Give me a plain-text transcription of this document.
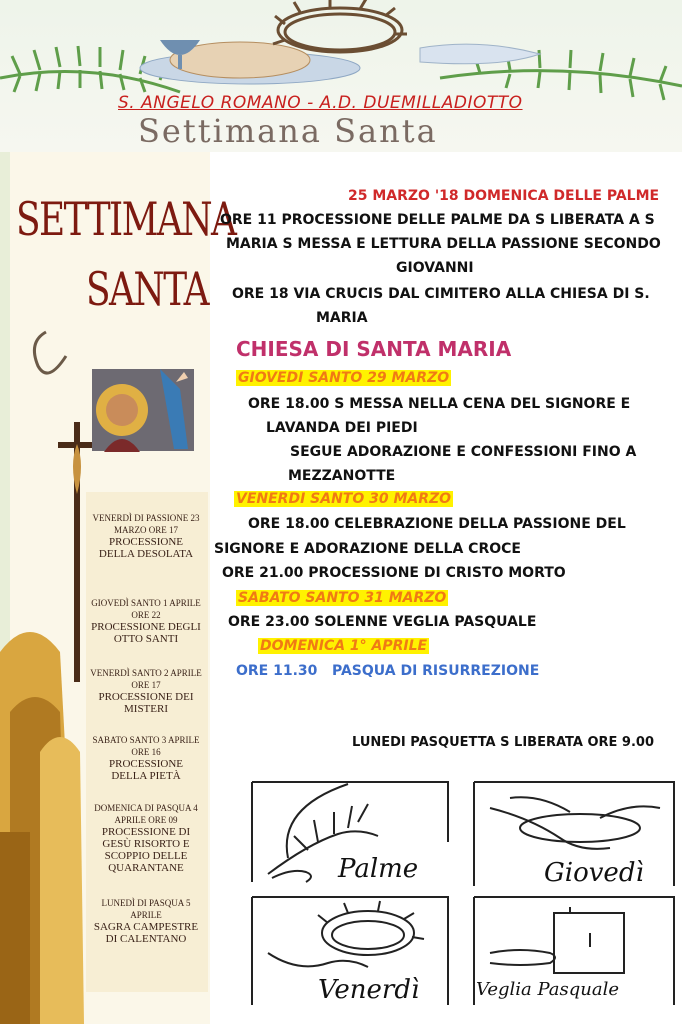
S. ANGELO ROMANO - A.D. DUEMILLADIOTTO
Settimana Santa
SETTIMANA
SANTA
VENERDÌ DI PASSIONE 23 MARZO ORE 17
PROCESSIONE DELLA DESOLATA
GIOVEDÌ SANTO 1 APRILE ORE 22
PROCESSIONE DEGLI OTTO SANTI
VENERDÌ SANTO 2 APRILE ORE 17
PROCESSIONE DEI MISTERI
SABATO SANTO 3 APRILE ORE 16
PROCESSIONE DELLA PIETÀ
DOMENICA DI PASQUA 4 APRILE ORE 09
PROCESSIONE DI GESÙ RISORTO E SCOPPIO DELLE QUARANTANE
LUNEDÌ DI PASQUA 5 APRILE
SAGRA CAMPESTRE DI CALENTANO
25 MARZO '18 DOMENICA DELLE PALME
ORE 11 PROCESSIONE DELLE PALME DA S LIBERATA A S
MARIA S MESSA E LETTURA DELLA PASSIONE SECONDO
GIOVANNI
ORE 18 VIA CRUCIS DAL CIMITERO ALLA CHIESA DI S.
MARIA
CHIESA DI SANTA MARIA
GIOVEDI SANTO 29 MARZO
ORE 18.00 S MESSA NELLA CENA DEL SIGNORE E
LAVANDA DEI PIEDI
SEGUE ADORAZIONE E CONFESSIONI FINO A
MEZZANOTTE
VENERDI SANTO 30 MARZO
ORE 18.00 CELEBRAZIONE DELLA PASSIONE DEL
SIGNORE E ADORAZIONE DELLA CROCE
ORE 21.00 PROCESSIONE DI CRISTO MORTO
SABATO SANTO 31 MARZO
ORE 23.00 SOLENNE VEGLIA PASQUALE
DOMENICA 1° APRILE
ORE 11.30 PASQUA DI RISURREZIONE
LUNEDI PASQUETTA S LIBERATA ORE 9.00
Palme	Giovedì
Venerdì	Veglia Pasquale
